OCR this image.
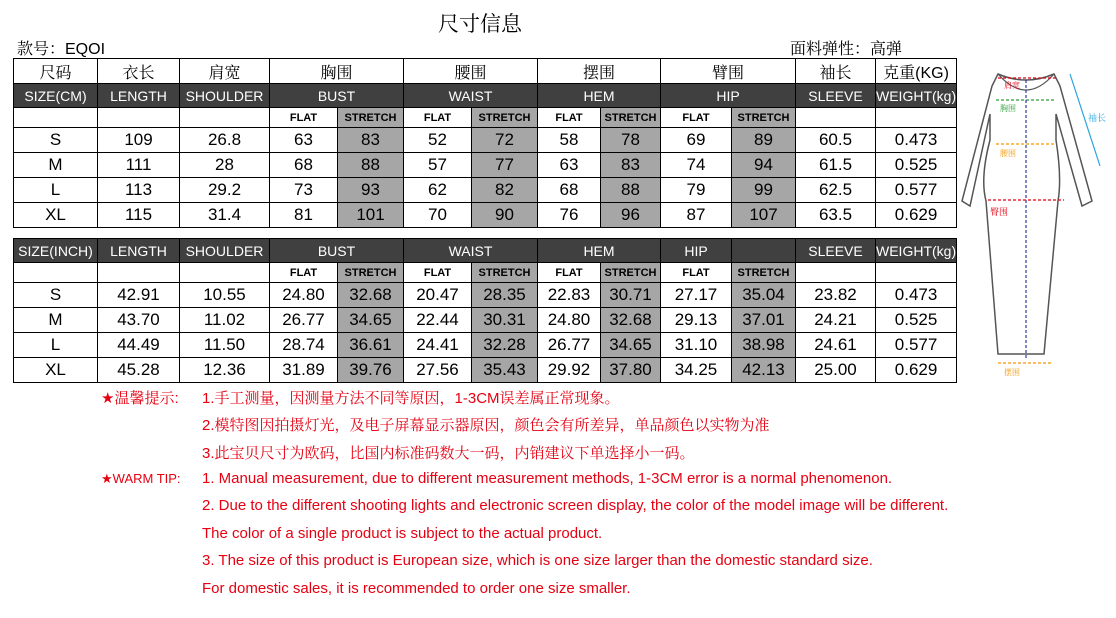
尺寸信息
款号：EQOI	面料弹性：高弹
尺码	衣长	肩宽	胸围		腰围		摆围		臂围		袖长	克重(KG)
SIZE(CM)	LENGTH	SHOULDER	BUST		WAIST		HEM		HIP		SLEEVE	WEIGHT(kg)
			FLAT	STRETCH	FLAT	STRETCH	FLAT	STRETCH	FLAT	STRETCH		
S	109	26.8	63	83	52	72	58	78	69	89	60.5	0.473
M	111	28	68	88	57	77	63	83	74	94	61.5	0.525
L	113	29.2	73	93	62	82	68	88	79	99	62.5	0.577
XL	115	31.4	81	101	70	90	76	96	87	107	63.5	0.629
SIZE(INCH)	LENGTH	SHOULDER	BUST		WAIST		HEM		HIP		SLEEVE	WEIGHT(kg)
			FLAT	STRETCH	FLAT	STRETCH	FLAT	STRETCH	FLAT	STRETCH		
S	42.91	10.55	24.80	32.68	20.47	28.35	22.83	30.71	27.17	35.04	23.82	0.473
M	43.70	11.02	26.77	34.65	22.44	30.31	24.80	32.68	29.13	37.01	24.21	0.525
L	44.49	11.50	28.74	36.61	24.41	32.28	26.77	34.65	31.10	38.98	24.61	0.577
XL	45.28	12.36	31.89	39.76	27.56	35.43	29.92	37.80	34.25	42.13	25.00	0.629
★温馨提示: 1.手工测量，因测量方法不同等原因，1-3CM误差属正常现象。
2.模特图因拍摄灯光，及电子屏幕显示器原因，颜色会有所差异，单品颜色以实物为准
3.此宝贝尺寸为欧码，比国内标准码数大一码，内销建议下单选择小一码。
★WARM TIP: 1. Manual measurement, due to different measurement methods, 1-3CM error is a normal phenomenon.
2. Due to the different shooting lights and electronic screen display, the color of the model image will be different.
The color of a single product is subject to the actual product.
3. The size of this product is European size, which is one size larger than the domestic standard size.
For domestic sales, it is recommended to order one size smaller.
肩宽
胸围
腰围
臀围
摆围
袖长
